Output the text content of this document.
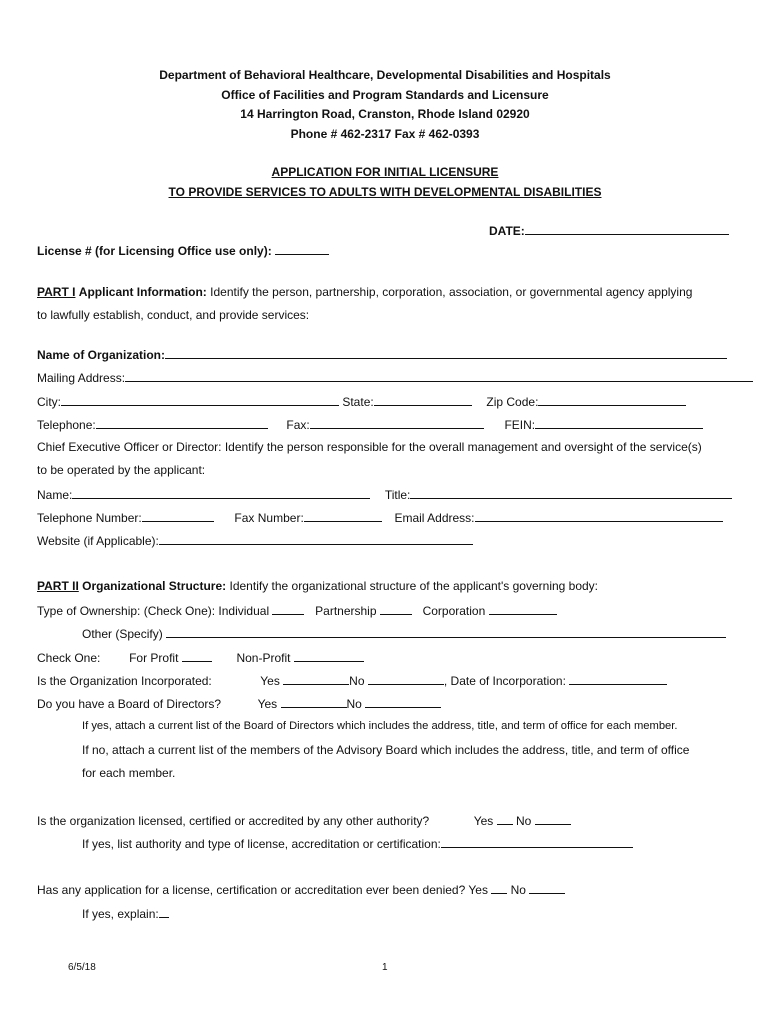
Department of Behavioral Healthcare, Developmental Disabilities and Hospitals
Office of Facilities and Program Standards and Licensure
14 Harrington Road, Cranston, Rhode Island 02920
Phone # 462-2317 Fax # 462-0393
APPLICATION FOR INITIAL LICENSURE
TO PROVIDE SERVICES TO ADULTS WITH DEVELOPMENTAL DISABILITIES
DATE:
License # (for Licensing Office use only):
PART I Applicant Information: Identify the person, partnership, corporation, association, or governmental agency applying
to lawfully establish, conduct, and provide services:
Name of Organization:
Mailing Address:
City:	State:	Zip Code:
Telephone:	Fax:	FEIN:
Chief Executive Officer or Director: Identify the person responsible for the overall management and oversight of the service(s)
to be operated by the applicant:
Name:	Title:
Telephone Number:	Fax Number:	Email Address:
Website (if Applicable):
PART II Organizational Structure: Identify the organizational structure of the applicant's governing body:
Type of Ownership: (Check One): Individual	Partnership	Corporation
Other (Specify)
Check One: For Profit	Non-Profit
Is the Organization Incorporated:	Yes	No	, Date of Incorporation:
Do you have a Board of Directors?	Yes	No
If yes, attach a current list of the Board of Directors which includes the address, title, and term of office for each member.
If no, attach a current list of the members of the Advisory Board which includes the address, title, and term of office
for each member.
Is the organization licensed, certified or accredited by any other authority?	Yes No
If yes, list authority and type of license, accreditation or certification:
Has any application for a license, certification or accreditation ever been denied? Yes No
If yes, explain:
6/5/18	1
